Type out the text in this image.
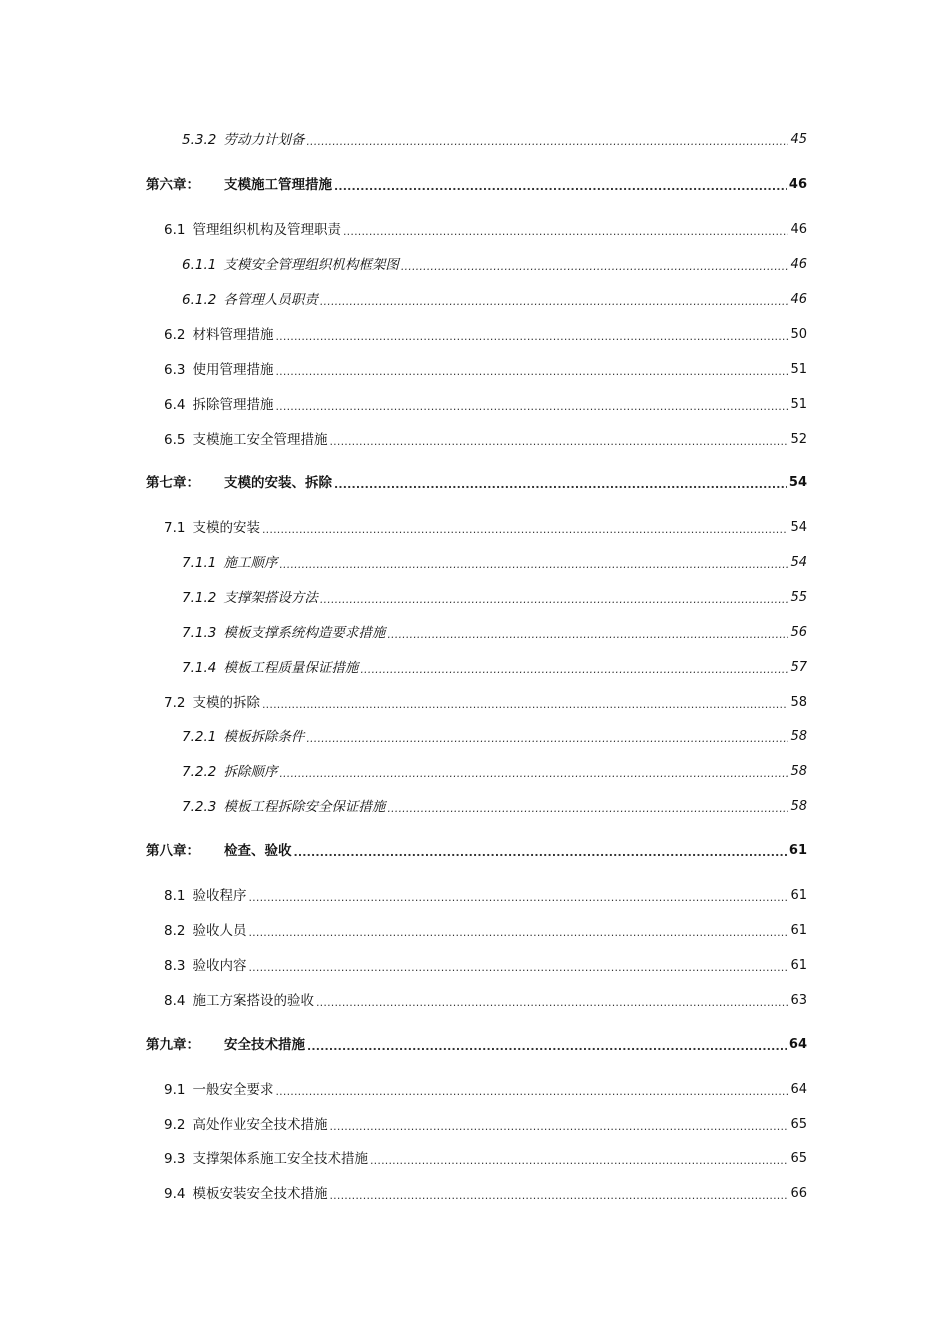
5.3.2 劳动力计划备 .....	45
第六章：	支模施工管理措施 .....	46
6.1 管理组织机构及管理职责 .....	46
6.1.1 支模安全管理组织机构框架图 .....	46
6.1.2 各管理人员职责 .....	46
6.2 材料管理措施 .....	50
6.3 使用管理措施 .....	51
6.4 拆除管理措施 .....	51
6.5 支模施工安全管理措施 .....	52
第七章：	支模的安装、拆除 .....	54
7.1 支模的安装 .....	54
7.1.1 施工顺序 .....	54
7.1.2 支撑架搭设方法 .....	55
7.1.3 模板支撑系统构造要求措施 .....	56
7.1.4 模板工程质量保证措施 .....	57
7.2 支模的拆除 .....	58
7.2.1 模板拆除条件 .....	58
7.2.2 拆除顺序 .....	58
7.2.3 模板工程拆除安全保证措施 .....	58
第八章：	检查、验收 .....	61
8.1 验收程序 .....	61
8.2 验收人员 .....	61
8.3 验收内容 .....	61
8.4 施工方案搭设的验收 .....	63
第九章：	安全技术措施 .....	64
9.1 一般安全要求 .....	64
9.2 高处作业安全技术措施 .....	65
9.3 支撑架体系施工安全技术措施 .....	65
9.4 模板安装安全技术措施 .....	66
